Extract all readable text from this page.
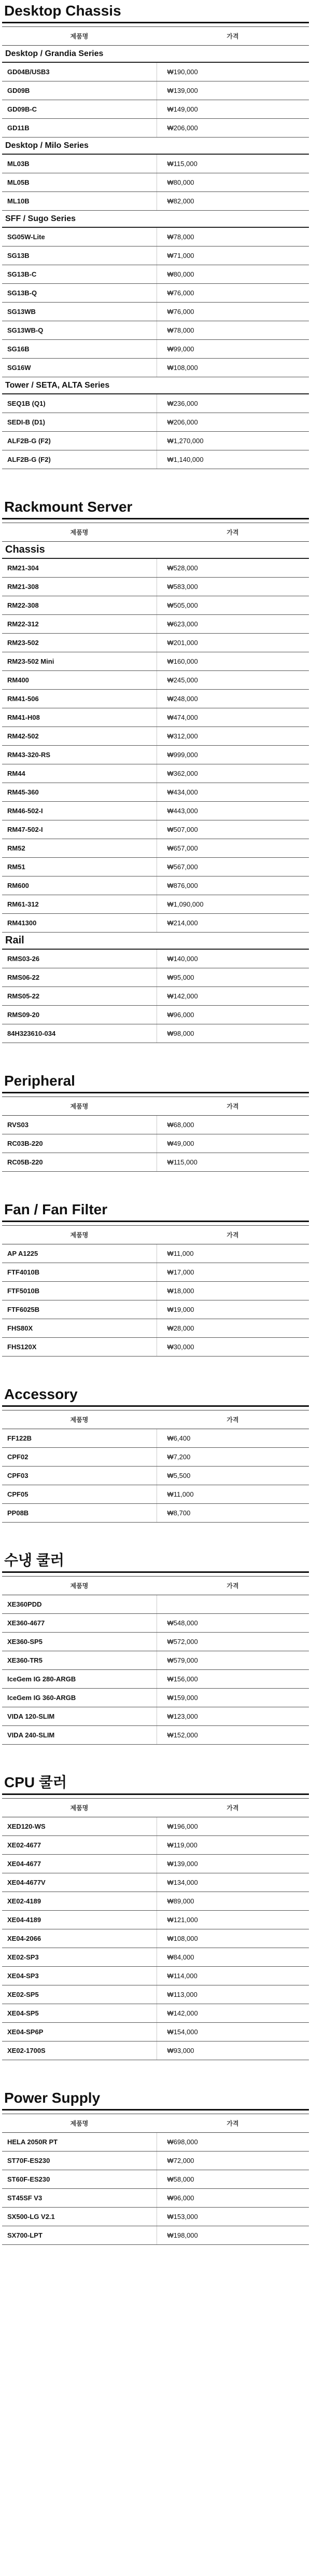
Desktop Chassis
제품명	가격
Desktop / Grandia Series	
GD04B/USB3	₩190,000
GD09B	₩139,000
GD09B-C	₩149,000
GD11B	₩206,000
Desktop / Milo Series	
ML03B	₩115,000
ML05B	₩80,000
ML10B	₩82,000
SFF / Sugo Series	
SG05W-Lite	₩78,000
SG13B	₩71,000
SG13B-C	₩80,000
SG13B-Q	₩76,000
SG13WB	₩76,000
SG13WB-Q	₩78,000
SG16B	₩99,000
SG16W	₩108,000
Tower / SETA, ALTA Series	
SEQ1B (Q1)	₩236,000
SEDI-B (D1)	₩206,000
ALF2B-G (F2)	₩1,270,000
ALF2B-G (F2)	₩1,140,000
Rackmount Server
제품명	가격
Chassis	
RM21-304	₩528,000
RM21-308	₩583,000
RM22-308	₩505,000
RM22-312	₩623,000
RM23-502	₩201,000
RM23-502 Mini	₩160,000
RM400	₩245,000
RM41-506	₩248,000
RM41-H08	₩474,000
RM42-502	₩312,000
RM43-320-RS	₩999,000
RM44	₩362,000
RM45-360	₩434,000
RM46-502-I	₩443,000
RM47-502-I	₩507,000
RM52	₩657,000
RM51	₩567,000
RM600	₩876,000
RM61-312	₩1,090,000
RM41300	₩214,000
Rail	
RMS03-26	₩140,000
RMS06-22	₩95,000
RMS05-22	₩142,000
RMS09-20	₩96,000
84H323610-034	₩98,000
Peripheral
제품명	가격
RVS03	₩68,000
RC03B-220	₩49,000
RC05B-220	₩115,000
Fan / Fan Filter
제품명	가격
AP A1225	₩11,000
FTF4010B	₩17,000
FTF5010B	₩18,000
FTF6025B	₩19,000
FHS80X	₩28,000
FHS120X	₩30,000
Accessory
제품명	가격
FF122B	₩6,400
CPF02	₩7,200
CPF03	₩5,500
CPF05	₩11,000
PP08B	₩8,700
수냉 쿨러
제품명	가격
XE360PDD	
XE360-4677	₩548,000
XE360-SP5	₩572,000
XE360-TR5	₩579,000
IceGem IG 280-ARGB	₩156,000
IceGem IG 360-ARGB	₩159,000
VIDA 120-SLIM	₩123,000
VIDA 240-SLIM	₩152,000
CPU 쿨러
제품명	가격
XED120-WS	₩196,000
XE02-4677	₩119,000
XE04-4677	₩139,000
XE04-4677V	₩134,000
XE02-4189	₩89,000
XE04-4189	₩121,000
XE04-2066	₩108,000
XE02-SP3	₩84,000
XE04-SP3	₩114,000
XE02-SP5	₩113,000
XE04-SP5	₩142,000
XE04-SP6P	₩154,000
XE02-1700S	₩93,000
Power Supply
제품명	가격
HELA 2050R PT	₩698,000
ST70F-ES230	₩72,000
ST60F-ES230	₩58,000
ST45SF V3	₩96,000
SX500-LG V2.1	₩153,000
SX700-LPT	₩198,000
